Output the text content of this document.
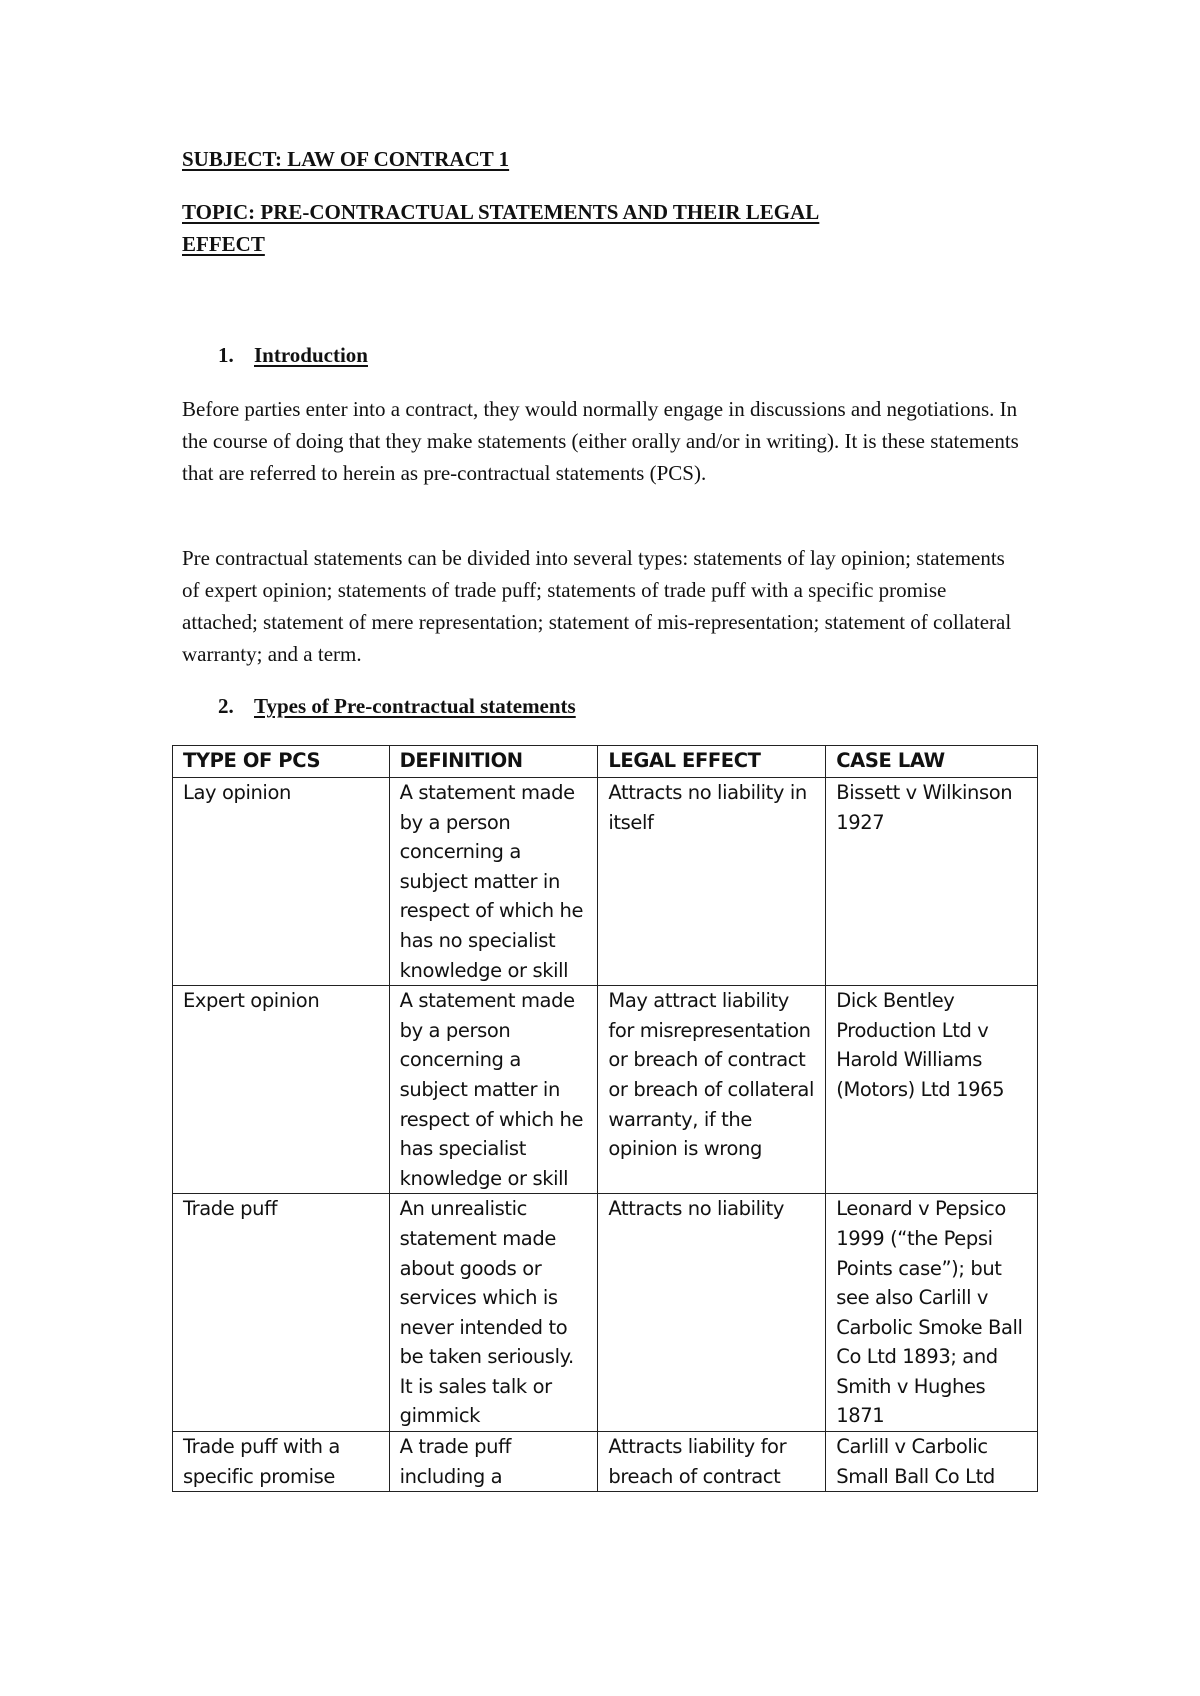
SUBJECT: LAW OF CONTRACT 1
TOPIC: PRE-CONTRACTUAL STATEMENTS AND THEIR LEGAL
EFFECT
1. Introduction

Before parties enter into a contract, they would normally engage in discussions and negotiations. In the course of doing that they make statements (either orally and/or in writing). It is these statements that are referred to herein as pre-contractual statements (PCS).

Pre contractual statements can be divided into several types: statements of lay opinion; statements of expert opinion; statements of trade puff; statements of trade puff with a specific promise attached; statement of mere representation; statement of mis-representation; statement of collateral warranty; and a term.

2. Types of Pre-contractual statements
TYPE OF PCS	DEFINITION	LEGAL EFFECT	CASE LAW
Lay opinion	A statement made by a person concerning a subject matter in respect of which he has no specialist knowledge or skill	Attracts no liability in itself	Bissett v Wilkinson 1927
Expert opinion	A statement made by a person concerning a subject matter in respect of which he has specialist knowledge or skill	May attract liability for misrepresentation or breach of contract or breach of collateral warranty, if the opinion is wrong	Dick Bentley Production Ltd v Harold Williams (Motors) Ltd 1965
Trade puff	An unrealistic statement made about goods or services which is never intended to be taken seriously. It is sales talk or gimmick	Attracts no liability	Leonard v Pepsico 1999 (“the Pepsi Points case”); but see also Carlill v Carbolic Smoke Ball Co Ltd 1893; and Smith v Hughes 1871
Trade puff with a specific promise	A trade puff including a	Attracts liability for breach of contract	Carlill v Carbolic Small Ball Co Ltd
